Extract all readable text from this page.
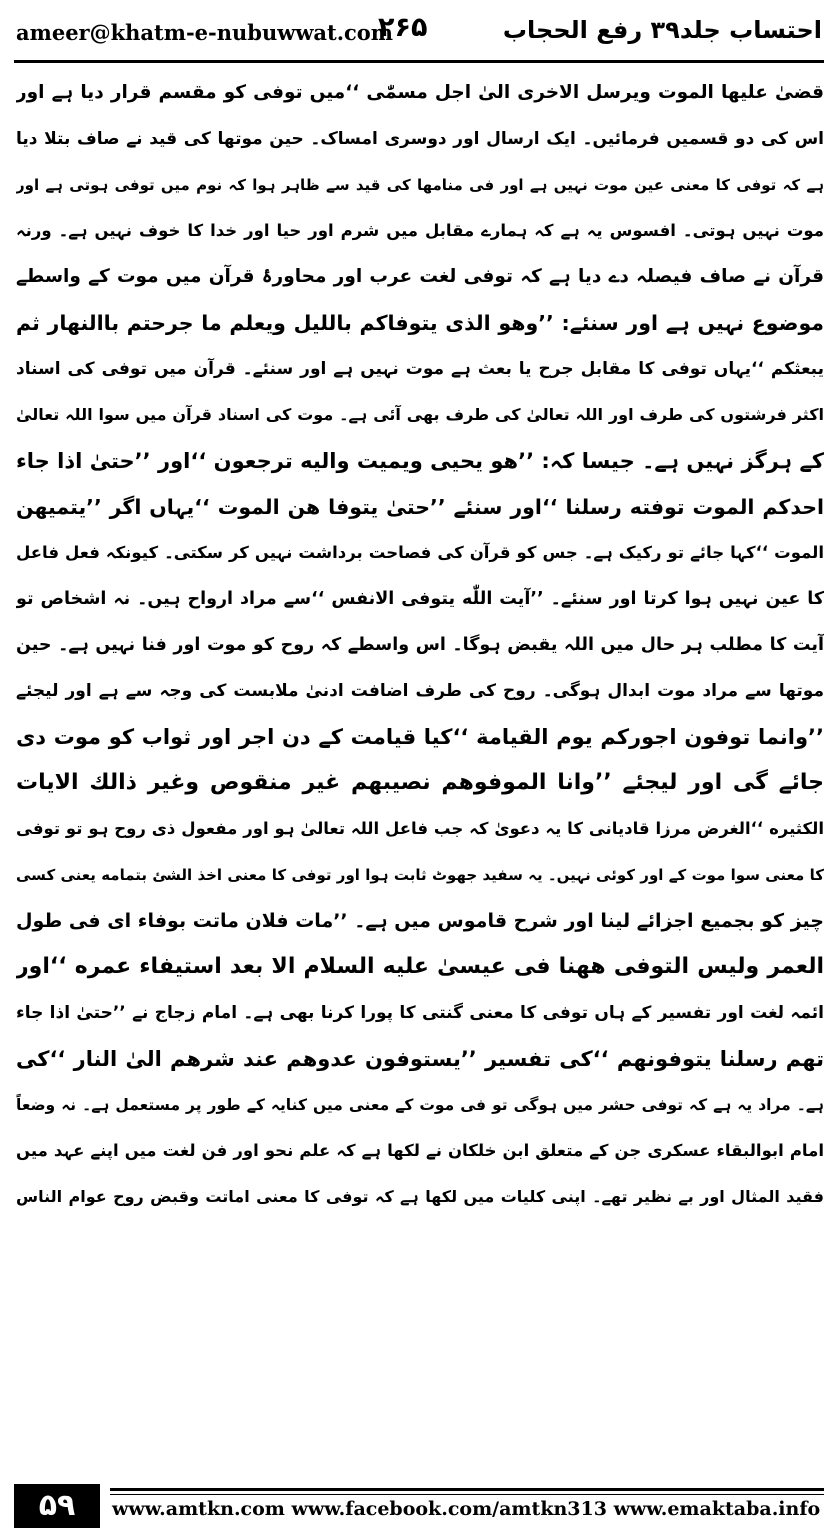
ameer@khatm-e-nubuwwat.com
۲۶۵	احتساب جلد۳۹ رفع الحجاب
قضیٰ علیها الموت ویرسل الاخری الیٰ اجل مسمّٰی ‘‘میں توفی کو مقسم قرار دیا ہے اور
اس کی دو قسمیں فرمائیں۔ ایک ارسال اور دوسری امساک۔ حین موتها کی قید نے صاف بتلا دیا
ہے کہ توفی کا معنی عین موت نہیں ہے اور فی منامها کی قید سے ظاہر ہوا کہ نوم میں توفی ہوتی ہے اور
موت نہیں ہوتی۔ افسوس یہ ہے کہ ہمارے مقابل میں شرم اور حیا اور خدا کا خوف نہیں ہے۔ ورنہ
قرآن نے صاف فیصلہ دے دیا ہے کہ توفی لغت عرب اور محاورۂ قرآن میں موت کے واسطے
موضوع نہیں ہے اور سنئے: ’’وهو الذی یتوفاکم باللیل ویعلم ما جرحتم باالنهار ثم
یبعثکم ‘‘یہاں توفی کا مقابل جرح یا بعث ہے موت نہیں ہے اور سنئے۔ قرآن میں توفی کی اسناد
اکثر فرشتوں کی طرف اور اللہ تعالیٰ کی طرف بھی آئی ہے۔ موت کی اسناد قرآن میں سوا اللہ تعالیٰ
کے ہرگز نہیں ہے۔ جیسا کہ: ’’هو یحیی ویمیت والیه ترجعون ‘‘اور ’’حتیٰ اذا جاء
احدکم الموت توفته رسلنا ‘‘اور سنئے ’’حتیٰ یتوفا هن الموت ‘‘یہاں اگر ’’یتمیهن
الموت ‘‘کہا جائے تو رکیک ہے۔ جس کو قرآن کی فصاحت برداشت نہیں کر سکتی۔ کیونکہ فعل فاعل
کا عین نہیں ہوا کرتا اور سنئے۔ ’’آیت اللّٰه یتوفی الانفس ‘‘سے مراد ارواح ہیں۔ نہ اشخاص تو
آیت کا مطلب ہر حال میں اللہ یقبض ہوگا۔ اس واسطے کہ روح کو موت اور فنا نہیں ہے۔ حین
موتها سے مراد موت ابدال ہوگی۔ روح کی طرف اضافت ادنیٰ ملابست کی وجہ سے ہے اور لیجئے
’’وانما توفون اجورکم یوم القیامة ‘‘کیا قیامت کے دن اجر اور ثواب کو موت دی
جائے گی اور لیجئے ’’وانا الموفوهم نصیبهم غیر منقوص وغیر ذالك الایات
الکثیره ‘‘الغرض مرزا قادیانی کا یہ دعویٰ کہ جب فاعل اللہ تعالیٰ ہو اور مفعول ذی روح ہو تو توفی
کا معنی سوا موت کے اور کوئی نہیں۔ یہ سفید جھوٹ ثابت ہوا اور توفی کا معنی اخذ الشئ بتمامه یعنی کسی
چیز کو بجمیع اجزائے لینا اور شرح قاموس میں ہے۔ ’’مات فلان ماتت بوفاء ای فی طول
العمر ولیس التوفی هھنا فی عیسیٰ علیه السلام الا بعد استیفاء عمره ‘‘اور
ائمہ لغت اور تفسیر کے ہاں توفی کا معنی گنتی کا پورا کرنا بھی ہے۔ امام زجاج نے ’’حتیٰ اذا جاء
تهم رسلنا یتوفونهم ‘‘کی تفسیر ’’یستوفون عدوهم عند شرهم الیٰ النار ‘‘کی
ہے۔ مراد یہ ہے کہ توفی حشر میں ہوگی تو فی موت کے معنی میں کنایہ کے طور پر مستعمل ہے۔ نہ وضعاً
امام ابوالبقاء عسکری جن کے متعلق ابن خلکان نے لکھا ہے کہ علم نحو اور فن لغت میں اپنے عہد میں
فقید المثال اور بے نظیر تھے۔ اپنی کلیات میں لکھا ہے کہ توفی کا معنی اماتت وقبض روح عوام الناس
۵۹	www.amtkn.com www.facebook.com/amtkn313 www.emaktaba.info
